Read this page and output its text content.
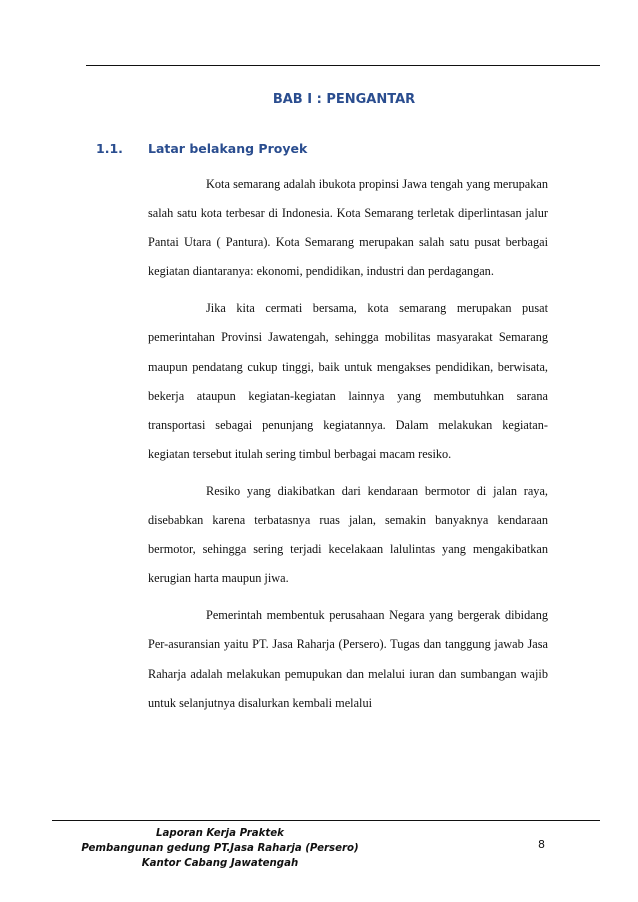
BAB I : PENGANTAR
1.1. Latar belakang Proyek

Kota semarang adalah ibukota propinsi Jawa tengah yang merupakan salah satu kota terbesar di Indonesia. Kota Semarang terletak diperlintasan jalur Pantai Utara ( Pantura). Kota Semarang merupakan salah satu pusat berbagai kegiatan diantaranya: ekonomi, pendidikan, industri dan perdagangan.

Jika kita cermati bersama, kota semarang merupakan pusat pemerintahan Provinsi Jawatengah, sehingga mobilitas masyarakat Semarang maupun pendatang cukup tinggi, baik untuk mengakses pendidikan, berwisata, bekerja ataupun kegiatan-kegiatan lainnya yang membutuhkan sarana transportasi sebagai penunjang kegiatannya. Dalam melakukan kegiatan-kegiatan tersebut itulah sering timbul berbagai macam resiko.

Resiko yang diakibatkan dari kendaraan bermotor di jalan raya, disebabkan karena terbatasnya ruas jalan, semakin banyaknya kendaraan bermotor, sehingga sering terjadi kecelakaan lalulintas yang mengakibatkan kerugian harta maupun jiwa.

Pemerintah membentuk perusahaan Negara yang bergerak dibidang Per-asuransian yaitu PT. Jasa Raharja (Persero). Tugas dan tanggung jawab Jasa Raharja adalah melakukan pemupukan dan melalui iuran dan sumbangan wajib untuk selanjutnya disalurkan kembali melalui

Laporan Kerja Praktek
Pembangunan gedung PT.Jasa Raharja (Persero)
Kantor Cabang Jawatengah
8
